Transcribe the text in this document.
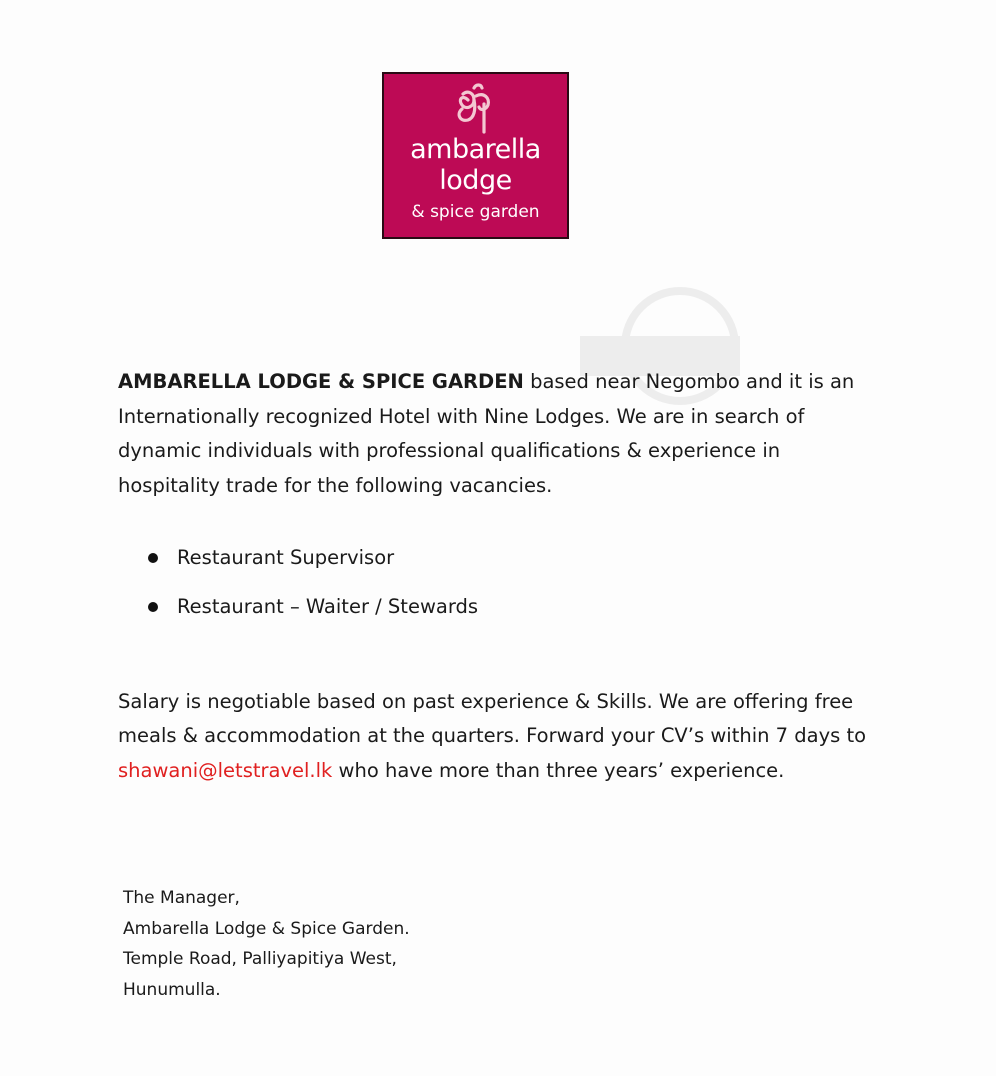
ambarella
lodge
& spice garden

AMBARELLA LODGE & SPICE GARDEN based near Negombo and it is an Internationally recognized Hotel with Nine Lodges. We are in search of dynamic individuals with professional qualifications & experience in hospitality trade for the following vacancies.

Restaurant Supervisor
Restaurant – Waiter / Stewards

Salary is negotiable based on past experience & Skills. We are offering free meals & accommodation at the quarters. Forward your CV’s within 7 days to shawani@letstravel.lk who have more than three years’ experience.

The Manager,
Ambarella Lodge & Spice Garden.
Temple Road, Palliyapitiya West,
Hunumulla.
